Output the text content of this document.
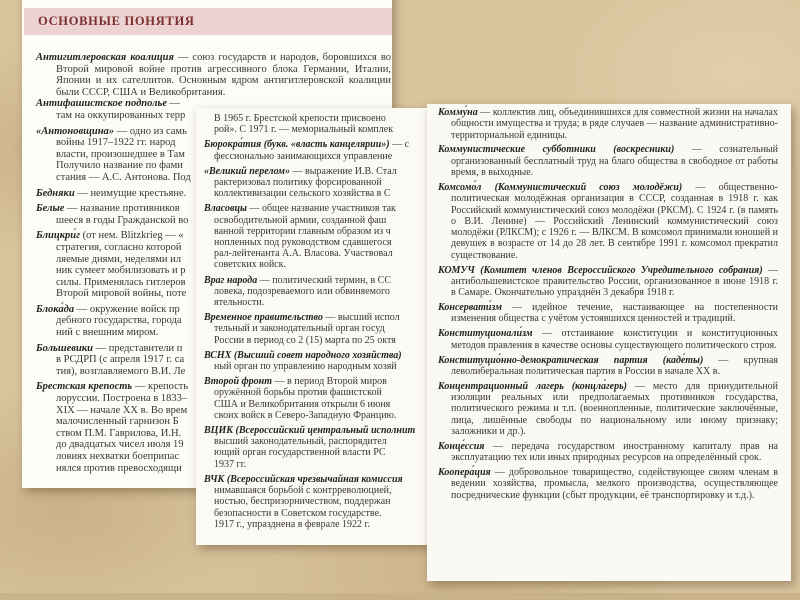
ОСНОВНЫЕ ПОНЯТИЯ

Антигитлеровская коалиция — союз государств и народов, боровшихся во Второй мировой войне против агрессивного блока Германии, Италии, Японии и их сателлитов. Основным ядром антигитлеровской коалиции были СССР, США и Великобритания.

Антифашистское подполье —
там на оккупированных терр
«Антоновщина» — одно из самь
войны 1917–1922 гг. народ
власти, произошедшее в Там
Получило название по фами
стания — А.С. Антонова. Под
Бедняки — неимущие крестьяне.
Белые — название противников
шееся в годы Гражданской во
Блицкри́г (от нем. Blitzkrieg — «
стратегия, согласно которой
ляемые днями, неделями ил
ник сумеет мобилизовать и р
силы. Применялась гитлеров
Второй мировой войны, поте
Блока́да — окружение войск пр
дебного государства, города
ний с внешним миром.
Большевики — представители п
в РСДРП (с апреля 1917 г. са
тия), возглавляемого В.И. Ле
Брестская крепость — крепость
лоруссии. Построена в 1833–
XIX — начале XX в. Во врем
малочисленный гарнизон Б
ством П.М. Гаврилова, И.Н.
до двадцатых чисел июля 19
ловиях нехватки боеприпас
нялся против превосходящи
В 1965 г. Брестской крепости присвоено
рой». С 1971 г. — мемориальный комплек
Бюрокра́тия (букв. «власть канцелярии») — с
фессионально занимающихся управление
«Великий перелом» — выражение И.В. Стал
рактеризовал политику форсированной
коллективизации сельского хозяйства в С
Власовцы — общее название участников так
освободительной армии, созданной фаш
ванной территории главным образом из ч
нопленных под руководством сдавшегося
рал-лейтенанта А.А. Власова. Участвовал
советских войск.
Враг народа — политический термин, в СС
ловека, подозреваемого или обвиняемого
ятельности.
Временное правительство — высший испол
тельный и законодательный орган госуд
России в период со 2 (15) марта по 25 октя
ВСНХ (Высший совет народного хозяйства)
ный орган по управлению народным хозяй
Второй фронт — в период Второй миров
оружённой борьбы против фашистской
США и Великобритания открыли 6 июня
своих войск в Северо-Западную Францию.
ВЦИК (Всероссийский центральный исполнит
высший законодательный, распорядител
ющий орган государственной власти РС
1937 гг.
ВЧК (Всероссийская чрезвычайная комиссия
нимавшаяся борьбой с контрреволюцией,
ностью, беспризорничеством, поддержан
безопасности в Советском государстве.
1917 г., упразднена в феврале 1922 г.

Комму́на — коллектив лиц, объединившихся для совместной жизни на началах общности имущества и труда; в ряде случаев — название административно-территориальной единицы.

Коммунистические субботники (воскресники) — сознательный организованный бесплатный труд на благо общества в свободное от работы время, в выходные.

Комсомо́л (Коммунистический союз молодёжи) — общественно-политическая молодёжная организация в СССР, созданная в 1918 г. как Российский коммунистический союз молодёжи (РКСМ). С 1924 г. (в память о В.И. Ленине) — Российский Ленинский коммунистический союз молодёжи (РЛКСМ); с 1926 г. — ВЛКСМ. В комсомол принимали юношей и девушек в возрасте от 14 до 28 лет. В сентябре 1991 г. комсомол прекратил существование.

КОМУЧ (Комитет членов Всероссийского Учредительного собрания) — антибольшевистское правительство России, организованное в июне 1918 г. в Самаре. Окончательно упразднён 3 декабря 1918 г.

Консервати́зм — идейное течение, настаивающее на постепенности изменения общества с учётом устоявшихся ценностей и традиций.

Конституционали́зм — отстаивание конституции и конституционных методов правления в качестве основы существующего политического строя.

Конституцио́нно-демократическая партия (каде́ты) — крупная леволиберальная политическая партия в России в начале XX в.

Концентрационный лагерь (концла́герь) — место для принудительной изоляции реальных или предполагаемых противников государства, политического режима и т.п. (военнопленные, политические заключённые, лица, лишённые свободы по национальному или иному признаку; заложники и др.).

Конце́ссия — передача государством иностранному капиталу прав на эксплуатацию тех или иных природных ресурсов на определённый срок.

Коопера́ция — добровольное товарищество, содействующее своим членам в ведении хозяйства, промысла, мелкого производства, осуществляющее посреднические функции (сбыт продукции, её транспортировку и т.д.).
